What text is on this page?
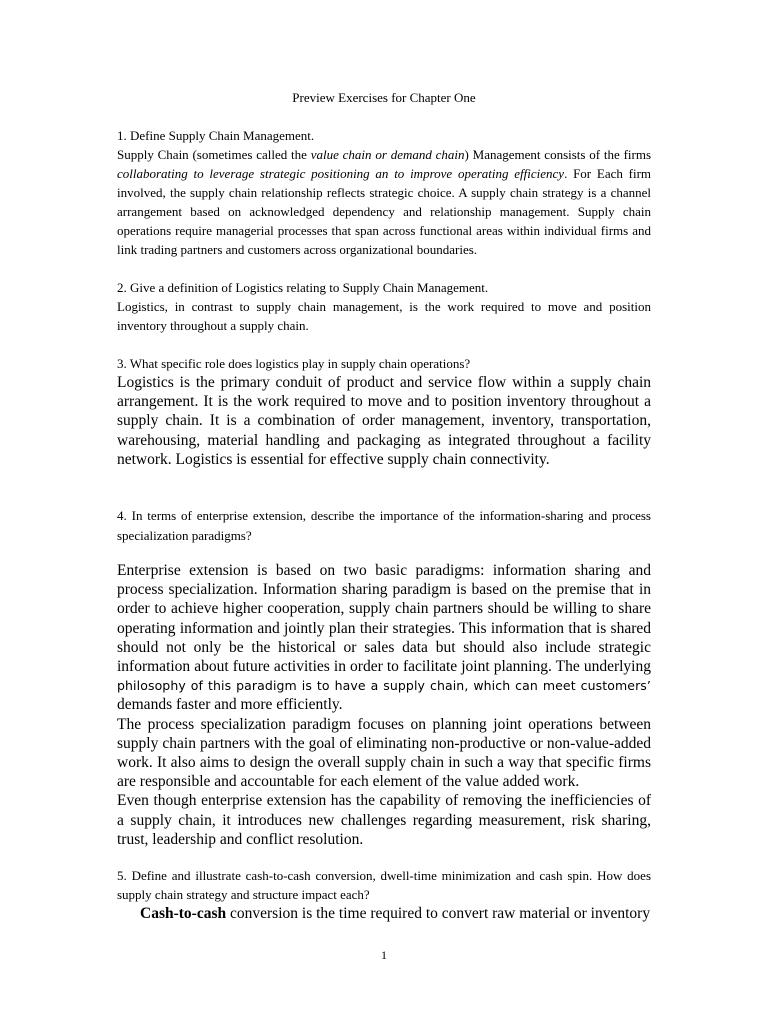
Preview Exercises for Chapter One

1. Define Supply Chain Management.

Supply Chain (sometimes called the value chain or demand chain) Management consists of the firms collaborating to leverage strategic positioning an to improve operating efficiency. For Each firm involved, the supply chain relationship reflects strategic choice. A supply chain strategy is a channel arrangement based on acknowledged dependency and relationship management. Supply chain operations require managerial processes that span across functional areas within individual firms and link trading partners and customers across organizational boundaries.

2. Give a definition of Logistics relating to Supply Chain Management.

Logistics, in contrast to supply chain management, is the work required to move and position inventory throughout a supply chain.

3. What specific role does logistics play in supply chain operations?

Logistics is the primary conduit of product and service flow within a supply chain arrangement. It is the work required to move and to position inventory throughout a supply chain. It is a combination of order management, inventory, transportation, warehousing, material handling and packaging as integrated throughout a facility network. Logistics is essential for effective supply chain connectivity.

4. In terms of enterprise extension, describe the importance of the information-sharing and process specialization paradigms?

Enterprise extension is based on two basic paradigms: information sharing and process specialization. Information sharing paradigm is based on the premise that in order to achieve higher cooperation, supply chain partners should be willing to share operating information and jointly plan their strategies. This information that is shared should not only be the historical or sales data but should also include strategic information about future activities in order to facilitate joint planning. The underlying philosophy of this paradigm is to have a supply chain, which can meet customers’ demands faster and more efficiently.

The process specialization paradigm focuses on planning joint operations between supply chain partners with the goal of eliminating non-productive or non-value-added work. It also aims to design the overall supply chain in such a way that specific firms are responsible and accountable for each element of the value added work.

Even though enterprise extension has the capability of removing the inefficiencies of a supply chain, it introduces new challenges regarding measurement, risk sharing, trust, leadership and conflict resolution.

5. Define and illustrate cash-to-cash conversion, dwell-time minimization and cash spin. How does supply chain strategy and structure impact each?

Cash-to-cash conversion is the time required to convert raw material or inventory

1
